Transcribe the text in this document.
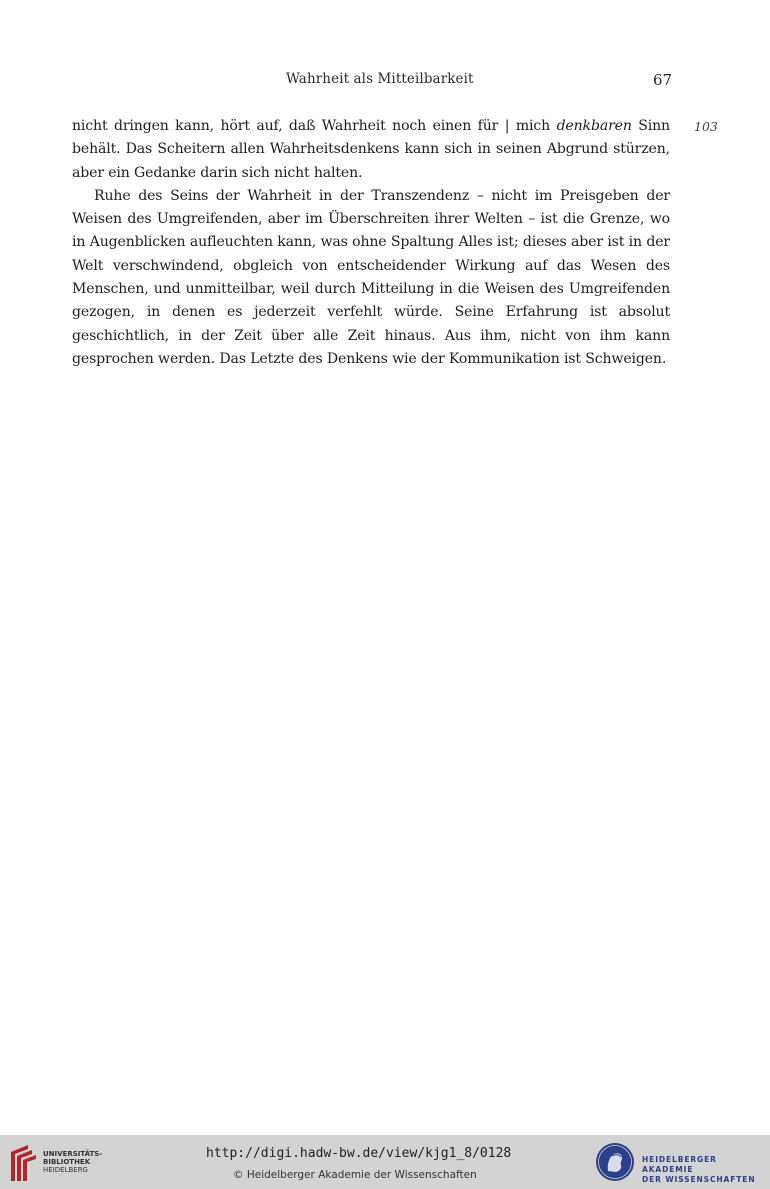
Wahrheit als Mitteilbarkeit	67
103

nicht dringen kann, hört auf, daß Wahrheit noch einen für | mich denkbaren Sinn behält. Das Scheitern allen Wahrheitsdenkens kann sich in seinen Abgrund stürzen, aber ein Gedanke darin sich nicht halten.

Ruhe des Seins der Wahrheit in der Transzendenz – nicht im Preisgeben der Weisen des Umgreifenden, aber im Überschreiten ihrer Welten – ist die Grenze, wo in Augenblicken aufleuchten kann, was ohne Spaltung Alles ist; dieses aber ist in der Welt verschwindend, obgleich von entscheidender Wirkung auf das Wesen des Menschen, und unmitteilbar, weil durch Mitteilung in die Weisen des Umgreifenden gezogen, in denen es jederzeit verfehlt würde. Seine Erfahrung ist absolut geschichtlich, in der Zeit über alle Zeit hinaus. Aus ihm, nicht von ihm kann gesprochen werden. Das Letzte des Denkens wie der Kommunikation ist Schweigen.

UNIVERSITÄTS-
BIBLIOTHEK
HEIDELBERG
http://digi.hadw-bw.de/view/kjg1_8/0128
© Heidelberger Akademie der Wissenschaften
HEIDELBERGER AKADEMIE
DER WISSENSCHAFTEN
